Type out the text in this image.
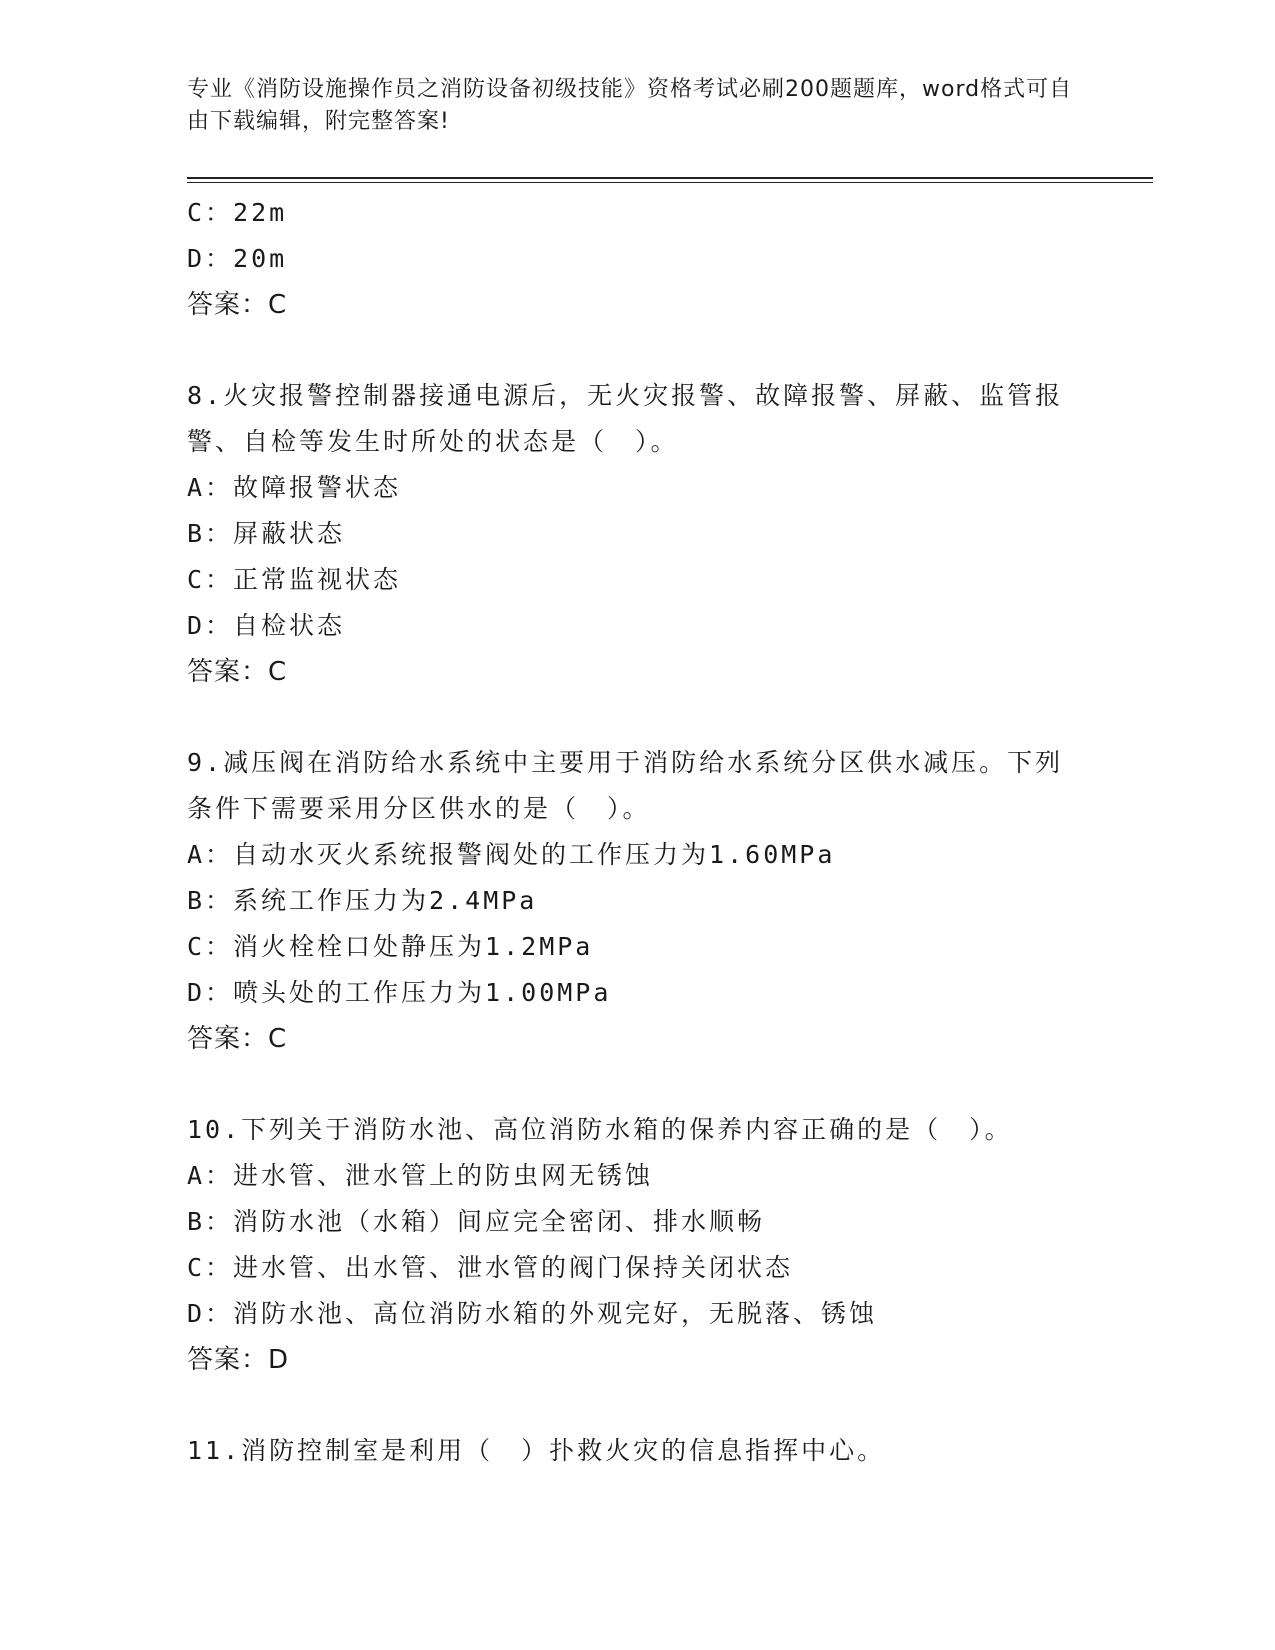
专业《消防设施操作员之消防设备初级技能》资格考试必刷200题题库，word格式可自由下载编辑，附完整答案!
C：22m
D：20m
答案：C
8.火灾报警控制器接通电源后，无火灾报警、故障报警、屏蔽、监管报警、自检等发生时所处的状态是（　）。
A：故障报警状态
B：屏蔽状态
C：正常监视状态
D：自检状态
答案：C
9.减压阀在消防给水系统中主要用于消防给水系统分区供水减压。下列条件下需要采用分区供水的是（　）。
A：自动水灭火系统报警阀处的工作压力为1.60MPa
B：系统工作压力为2.4MPa
C：消火栓栓口处静压为1.2MPa
D：喷头处的工作压力为1.00MPa
答案：C
10.下列关于消防水池、高位消防水箱的保养内容正确的是（　）。
A：进水管、泄水管上的防虫网无锈蚀
B：消防水池（水箱）间应完全密闭、排水顺畅
C：进水管、出水管、泄水管的阀门保持关闭状态
D：消防水池、高位消防水箱的外观完好，无脱落、锈蚀
答案：D
11.消防控制室是利用（　）扑救火灾的信息指挥中心。
